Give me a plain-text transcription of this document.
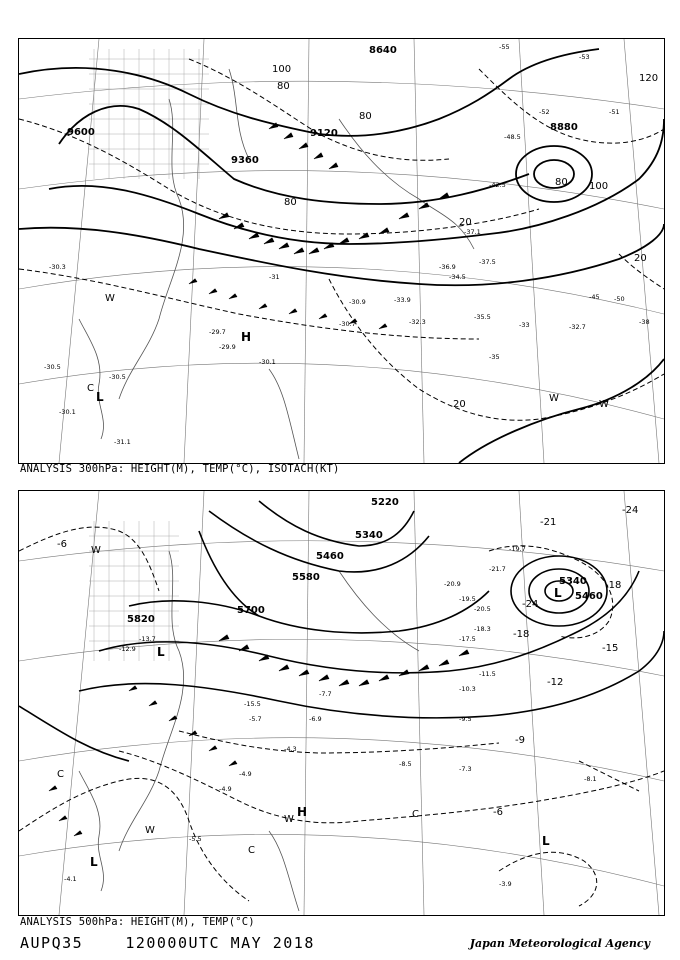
8640
9600	9120
9360
8880
100
80
80
80
120
80 100
20
20
20
H
L
C
W
W
W
-30.1
-29.9
-30.5
-30.1
-31.1
-30.3
-32.3
-35.5
-34.5
-37.1
-37.5
-36.9
-42.5
-48.5
-45 -50
-51
-52
-53
-55
-29.7
-30.7
-30.9	-33.9
-30.5
-31
-32.7
-33	-38
-35
ANALYSIS 300hPa: HEIGHT(M), TEMP(°C), ISOTACH(KT)
5820
5700
5580
5460
5340
5220
5340
5460
-6
-21
-24
-18
-12
-9
-15
-18
-6
-24
L
L
L
H
W
W
W
C
C
C
L
-5.5
-4.9
-4.1
-5.7
-4.3
-4.9
-7.3
-8.5
-9.5
-10.3
-11.5
-18.3
-19.7
-20.9
-21.7
-20.5
-19.5
-17.5
-15.5
-12.9
-13.7
-6.9
-3.9
-8.1
-7.7
ANALYSIS 500hPa: HEIGHT(M), TEMP(°C)
AUPQ35	120000UTC MAY 2018	Japan Meteorological Agency
